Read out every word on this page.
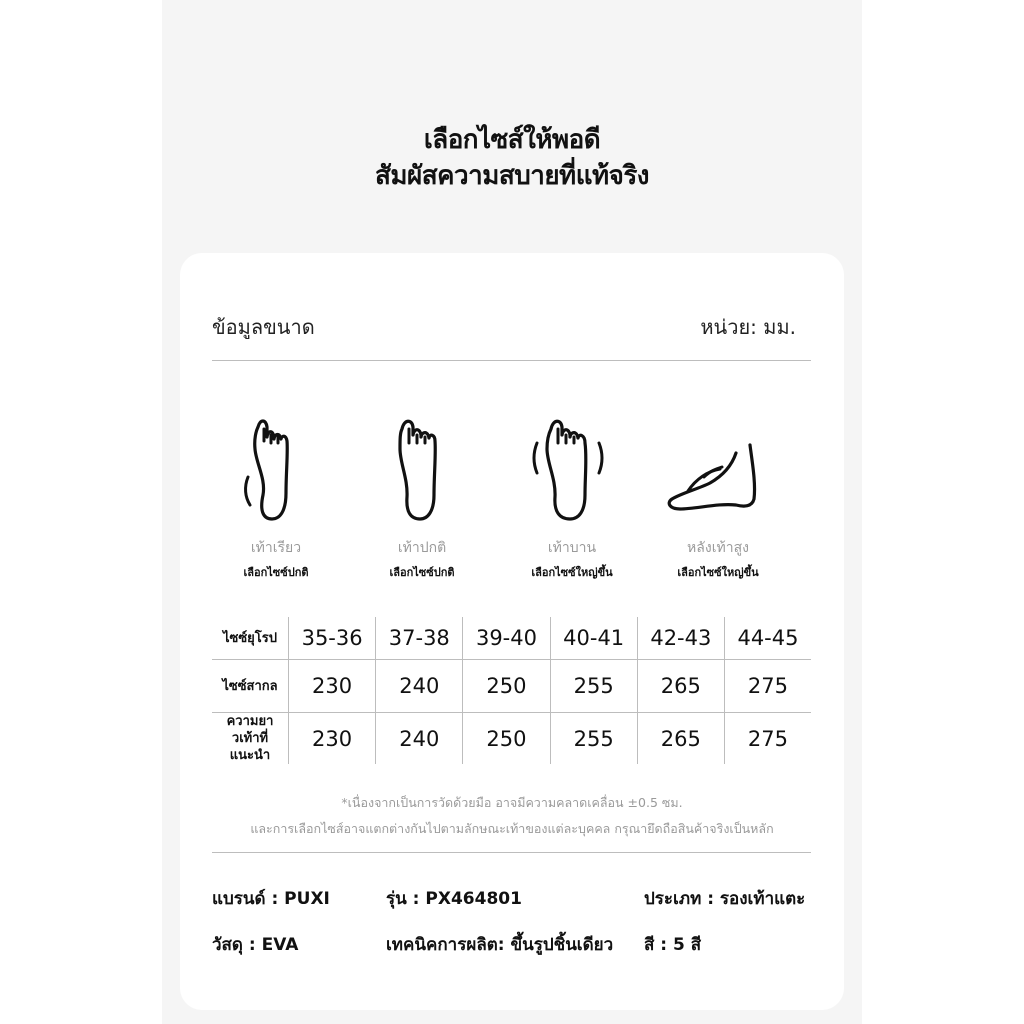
เลือกไซส์ให้พอดี
สัมผัสความสบายที่แท้จริง
ข้อมูลขนาด	หน่วย: มม.
เท้าเรียว
เลือกไซซ์ปกติ
เท้าปกติ
เลือกไซซ์ปกติ
เท้าบาน
เลือกไซซ์ใหญ่ขึ้น
หลังเท้าสูง
เลือกไซซ์ใหญ่ขึ้น
ไซซ์ยุโรป	35-36	37-38	39-40	40-41	42-43	44-45
ไซซ์สากล	230	240	250	255	265	275

ความยา
วเท้าที่แนะนำ	230	240	250	255	265	275
*เนื่องจากเป็นการวัดด้วยมือ อาจมีความคลาดเคลื่อน ±0.5 ซม.
และการเลือกไซส์อาจแตกต่างกันไปตามลักษณะเท้าของแต่ละบุคคล กรุณายึดถือสินค้าจริงเป็นหลัก
แบรนด์ : PUXI	รุ่น : PX464801	ประเภท : รองเท้าแตะ
วัสดุ : EVA	เทคนิคการผลิต: ขึ้นรูปชิ้นเดียว สี : 5 สี
